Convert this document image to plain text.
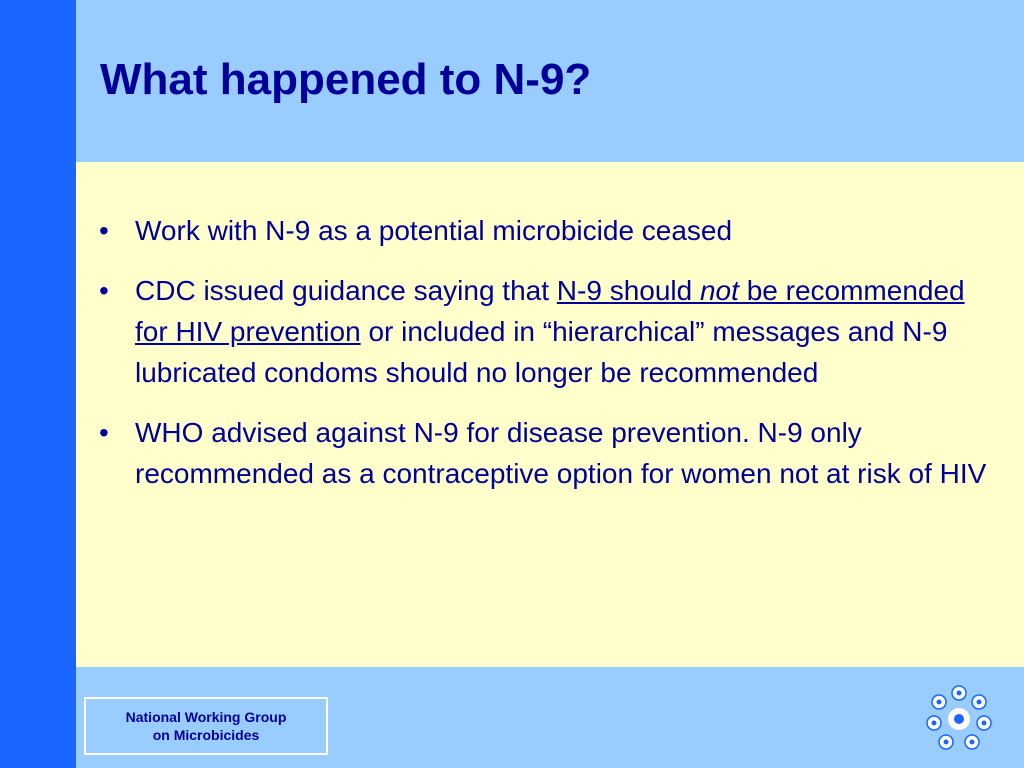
What happened to N-9?
• Work with N-9 as a potential microbicide ceased
• CDC issued guidance saying that N-9 should not be recommended for HIV prevention or included in “hierarchical” messages and N-9 lubricated condoms should no longer be recommended
• WHO advised against N-9 for disease prevention. N-9 only recommended as a contraceptive option for women not at risk of HIV
National Working Group
on Microbicides
